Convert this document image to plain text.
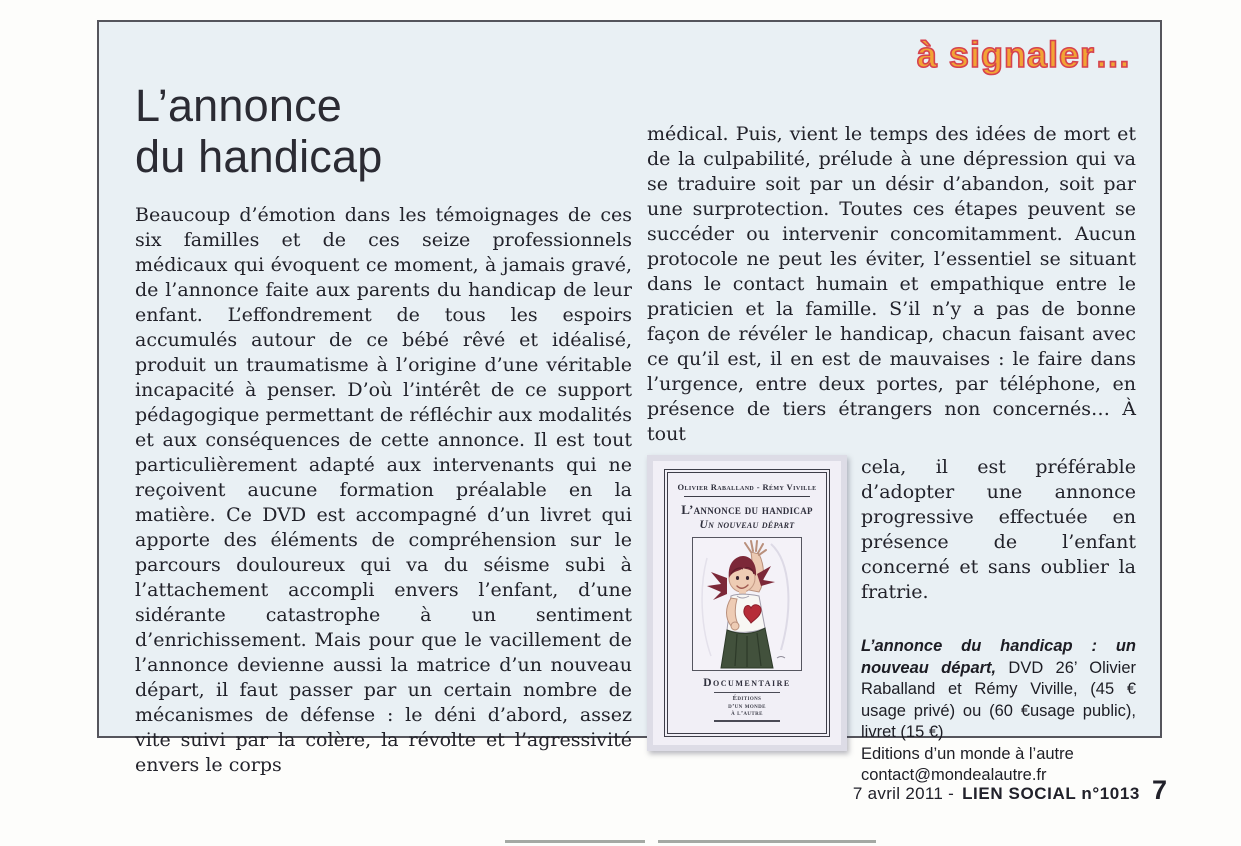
à signaler…
L’annonce
du handicap

Beaucoup d’émotion dans les témoignages de ces six familles et de ces seize professionnels médicaux qui évoquent ce moment, à jamais gravé, de l’annonce faite aux parents du handicap de leur enfant. L’effondrement de tous les espoirs accumulés autour de ce bébé rêvé et idéalisé, produit un traumatisme à l’origine d’une véritable incapacité à penser. D’où l’intérêt de ce support pédagogique permettant de réfléchir aux modalités et aux conséquences de cette annonce. Il est tout particulièrement adapté aux intervenants qui ne reçoivent aucune formation préalable en la matière. Ce DVD est accompagné d’un livret qui apporte des éléments de compréhension sur le parcours douloureux qui va du séisme subi à l’attachement accompli envers l’enfant, d’une sidérante catastrophe à un sentiment d’enrichissement. Mais pour que le vacillement de l’annonce devienne aussi la matrice d’un nouveau départ, il faut passer par un certain nombre de mécanismes de défense : le déni d’abord, assez vite suivi par la colère, la révolte et l’agressivité envers le corps

médical. Puis, vient le temps des idées de mort et de la culpabilité, prélude à une dépression qui va se traduire soit par un désir d’abandon, soit par une surprotection. Toutes ces étapes peuvent se succéder ou intervenir concomitamment. Aucun protocole ne peut les éviter, l’essentiel se situant dans le contact humain et empathique entre le praticien et la famille. S’il n’y a pas de bonne façon de révéler le handicap, chacun faisant avec ce qu’il est, il en est de mauvaises : le faire dans l’urgence, entre deux portes, par téléphone, en présence de tiers étrangers non concernés… À tout

Olivier Raballand - Rémy Viville
L’annonce du handicap
Un nouveau départ
Documentaire
Éditions
d’un monde
à l’autre

cela, il est préférable d’adopter une annonce progressive effectuée en présence de l’enfant concerné et sans oublier la fratrie.

L’annonce du handicap : un nouveau départ, DVD 26’ Olivier Raballand et Rémy Viville, (45 € usage privé) ou (60 €usage public), livret (15 €)
Editions d’un monde à l’autre
contact@mondealautre.fr
7 avril 2011 - LIEN SOCIAL n°1013 7
